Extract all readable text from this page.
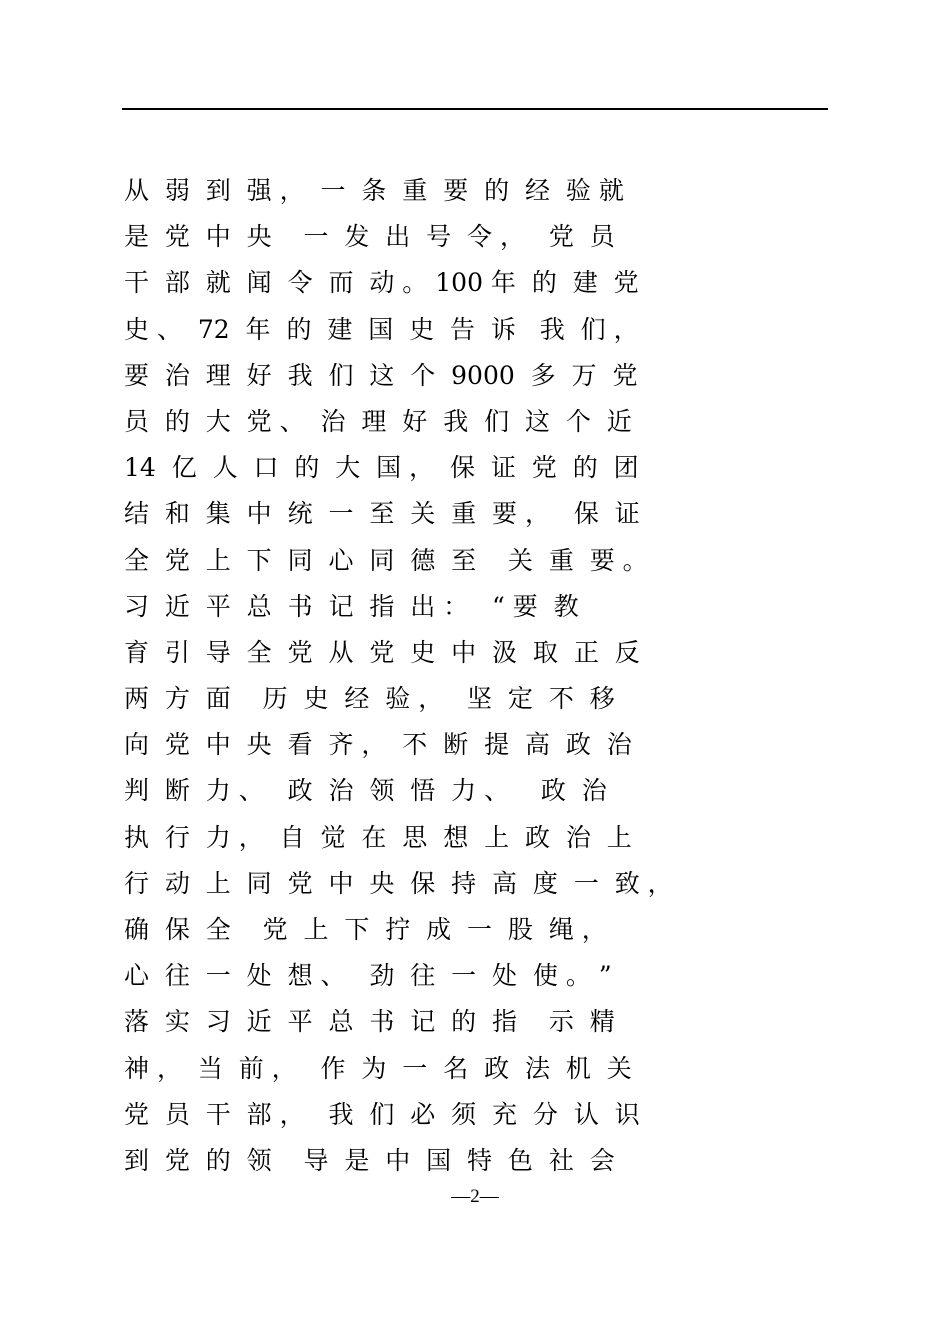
从  弱  到  强 ，  一  条  重  要  的  经  验 就
是  党  中  央    一  发  出  号  令 ，   党  员
干  部  就  闻  令  而  动 。 100 年  的  建  党
史 、  72  年  的  建  国  史  告  诉   我  们 ，
要  治  理  好  我  们  这  个  9000  多  万  党
员  的  大  党 、  治  理  好  我  们  这  个  近
14  亿  人  口  的  大  国 ，  保  证  党  的  团
结  和  集  中  统  一  至  关  重  要 ，   保  证
全  党  上  下  同  心  同  德  至    关  重  要 。
习  近  平  总  书  记  指  出 ：   “ 要  教
育  引  导  全  党  从  党  史  中  汲  取  正  反
两  方  面    历  史  经  验 ，   坚  定  不  移
向  党  中  央  看  齐 ，  不  断  提  高  政  治
判  断  力 、   政  治  领  悟  力 、    政  治
执  行  力 ，  自  觉  在  思  想  上  政  治  上
行  动  上  同  党  中  央  保  持  高  度  一  致 ，
确  保  全    党  上  下  拧  成  一  股  绳 ，
心  往  一  处  想 、   劲  往  一  处  使 。 ”
落  实  习  近  平  总  书  记  的  指    示  精
神 ，  当  前 ，   作  为  一  名  政  法  机  关
党  员  干  部 ，   我  们  必  须  充  分  认  识
到  党  的  领    导  是  中  国  特  色  社  会
—2—
